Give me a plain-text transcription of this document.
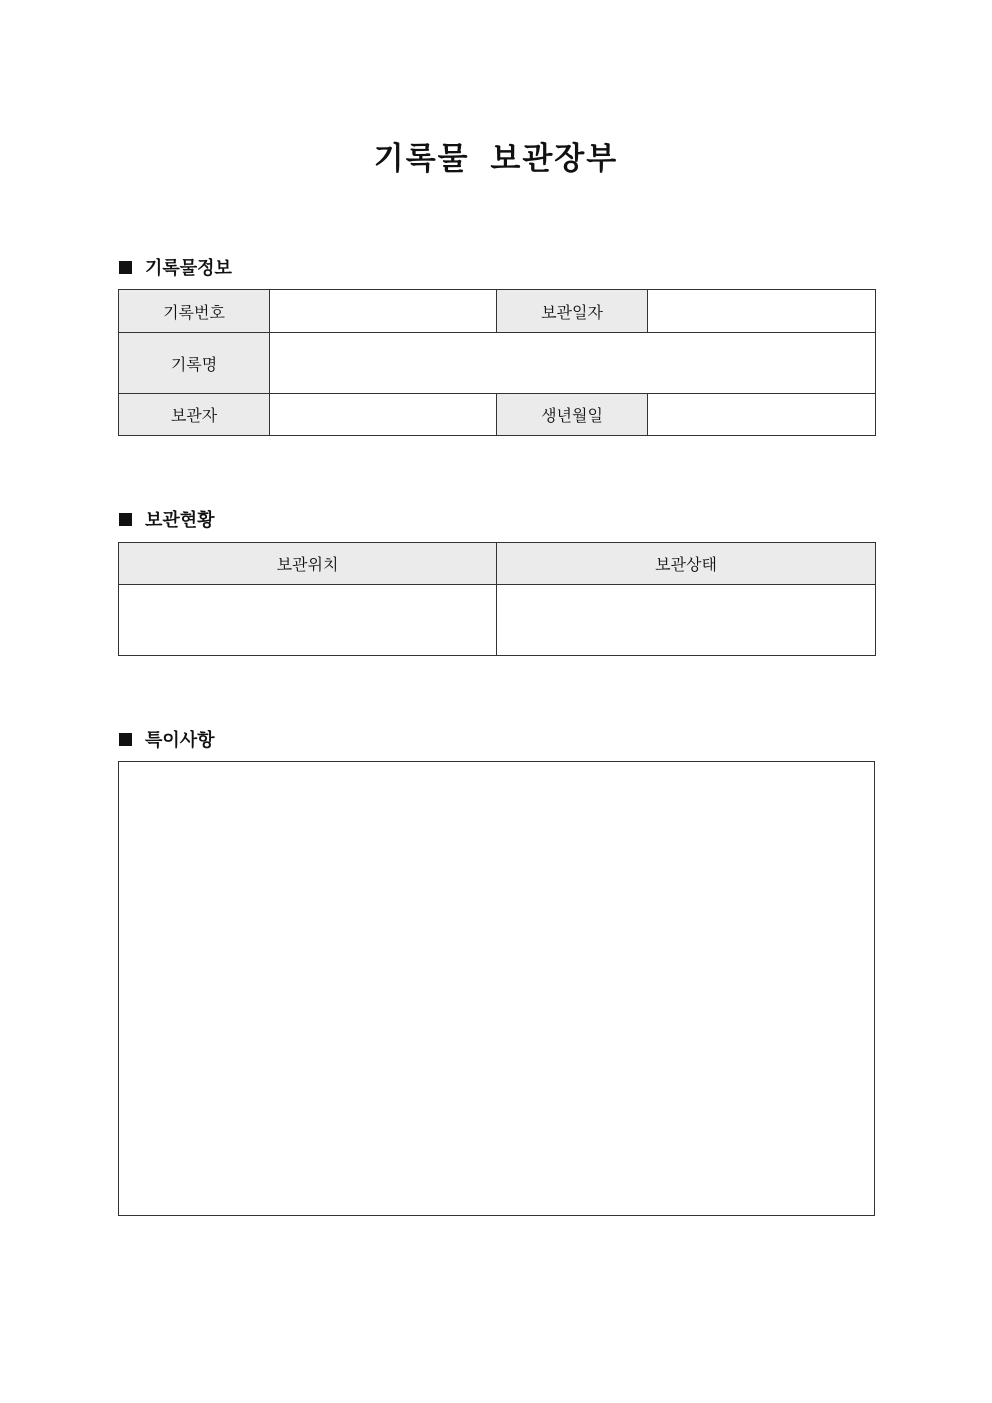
기록물 보관장부
기록물정보
기록번호		보관일자	
기록명			
보관자		생년월일	
보관현황
보관위치	보관상태

특이사항
